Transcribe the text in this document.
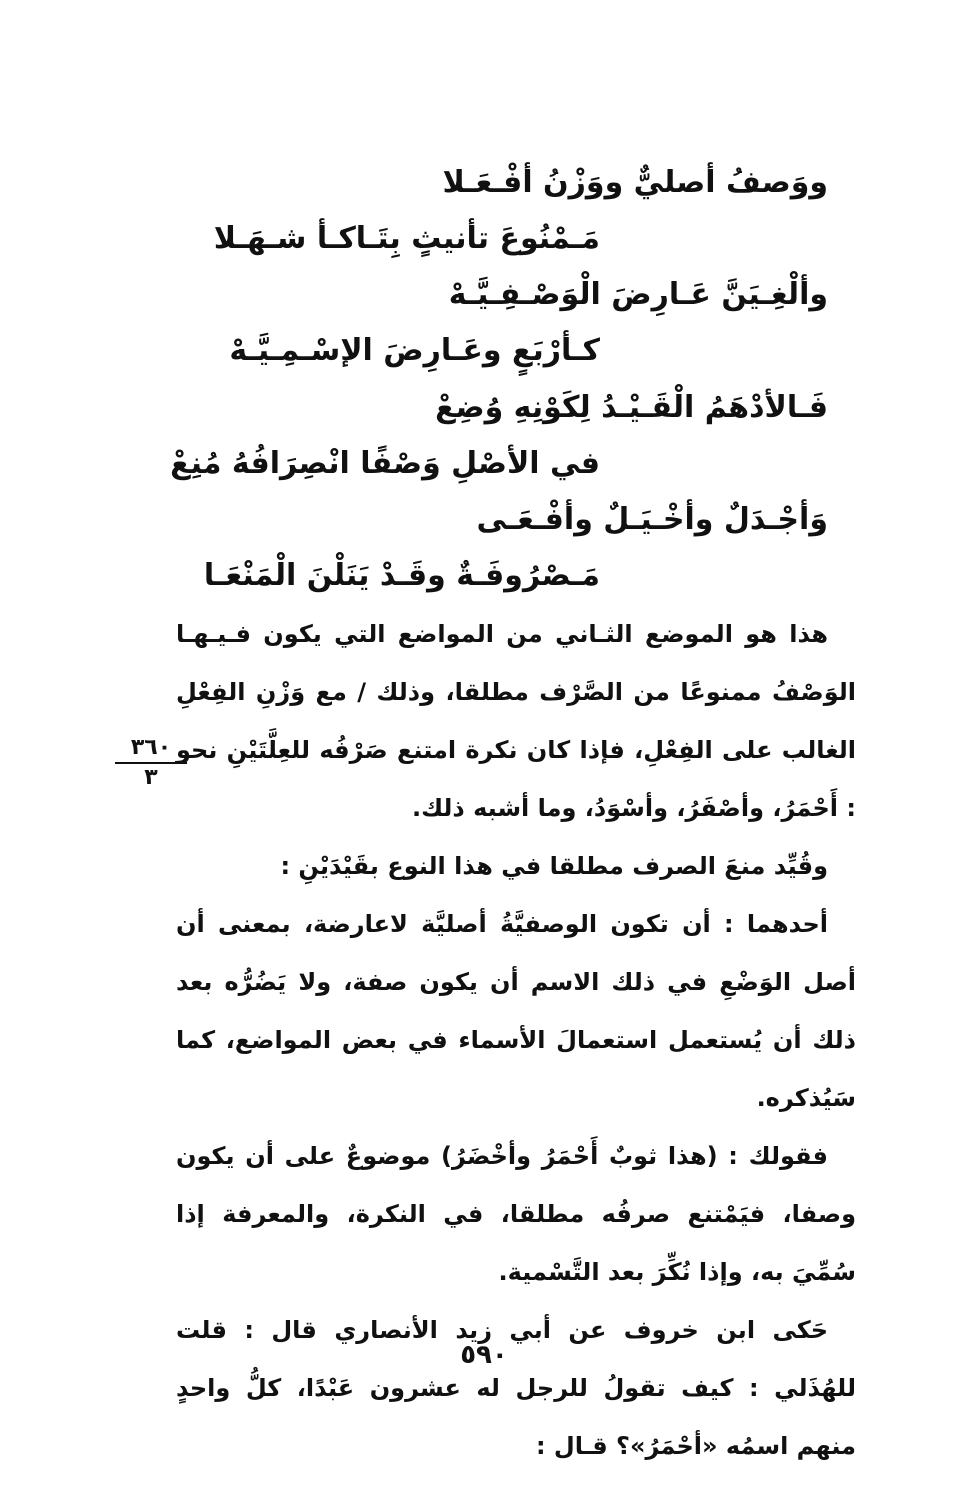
ووَصفُ أصليٌّ ووَزْنُ أفْـعَـلا
مَـمْنُوعَ تأنيثٍ بِتَـاكـأ شـهَـلا
وألْغِـيَنَّ عَـارِضَ الْوَصْـفِـيَّـهْ
كـأرْبَعٍ وعَـارِضَ الإسْـمِـيَّـهْ
فَـالأدْهَمُ الْقَـيْـدُ لِكَوْنِهِ وُضِعْ
في الأصْلِ وَصْفًا انْصِرَافُهُ مُنِعْ
وَأجْـدَلٌ وأخْـيَـلٌ وأفْـعَـى
مَـصْرُوفَـةٌ وقَـدْ يَنَلْنَ الْمَنْعَـا
٣٦٠
٣

هذا هو الموضع الثـاني من المواضع التي يكون فـيـهـا الوَصْفُ ممنوعًا من الصَّرْف مطلقا، وذلك / مع وَزْنِ الفِعْلِ الغالب على الفِعْلِ، فإذا كان نكرة امتنع صَرْفُه للعِلَّتَيْنِ نحو : أَحْمَرُ، وأصْفَرُ، وأسْوَدُ، وما أشبه ذلك.

وقُيِّد منعَ الصرف مطلقا في هذا النوع بقَيْدَيْنِ :

أحدهما : أن تكون الوصفيَّةُ أصليَّة لاعارضة، بمعنى أن أصل الوَضْعِ في ذلك الاسم أن يكون صفة، ولا يَضُرُّه بعد ذلك أن يُستعمل استعمالَ الأسماء في بعض المواضع، كما سَيُذكره.

فقولك : (هذا ثوبٌ أَحْمَرُ وأخْضَرُ) موضوعٌ على أن يكون وصفا، فيَمْتنع صرفُه مطلقا، في النكرة، والمعرفة إذا سُمِّيَ به، وإذا نُكِّرَ بعد التَّسْمية.

حَكى ابن خروف عن أبي زيد الأنصاري قال : قلت للهُذَلي : كيف تقولُ للرجل له عشرون عَبْدًا، كلُّ واحدٍ منهم اسمُه «أحْمَرُ»؟ قـال :

٥٩٠
